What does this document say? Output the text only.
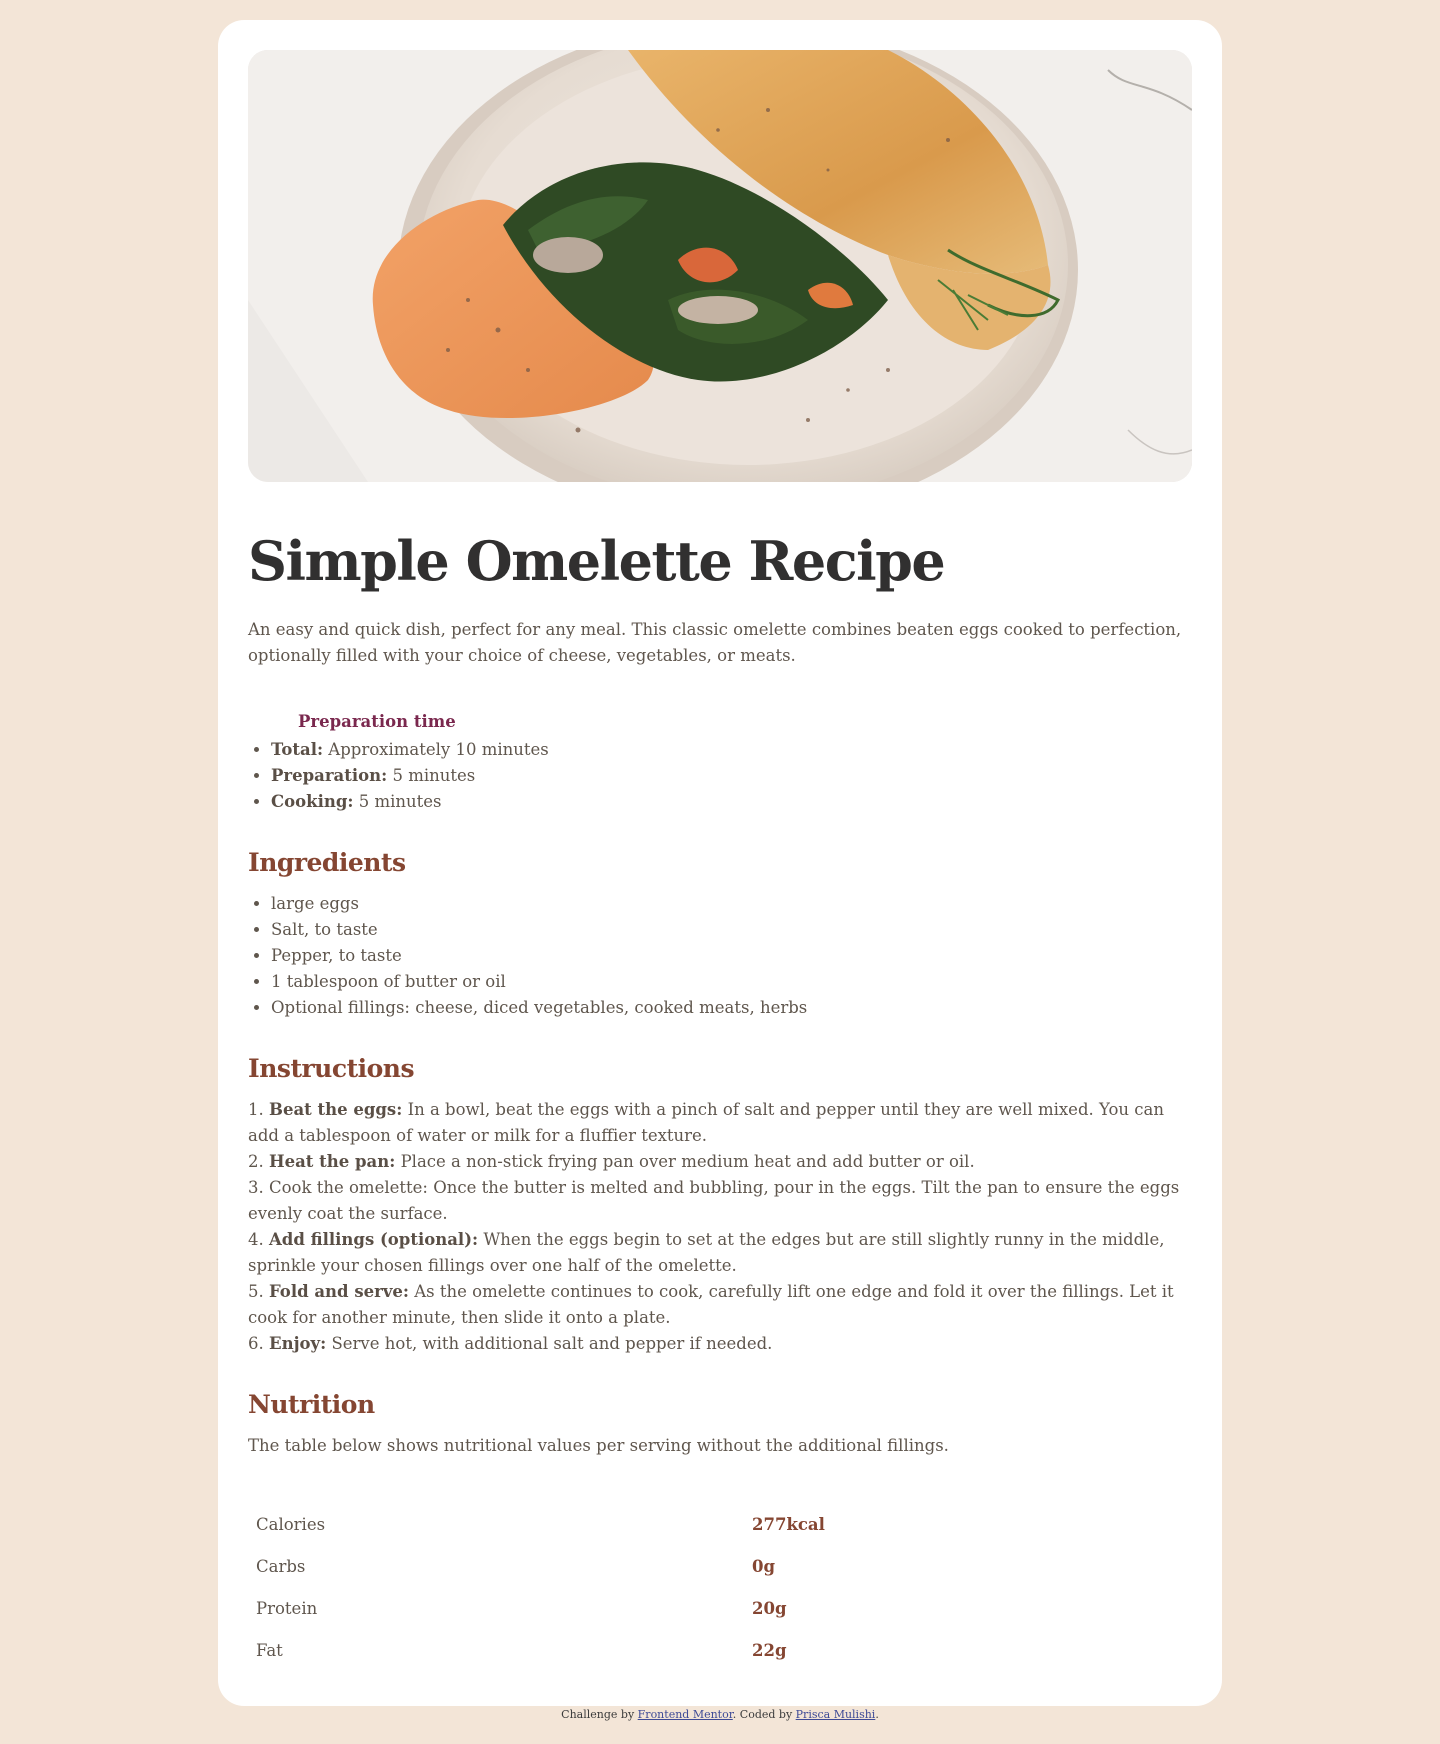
Simple Omelette Recipe

An easy and quick dish, perfect for any meal. This classic omelette combines beaten eggs cooked to perfection, optionally filled with your choice of cheese, vegetables, or meats.

Preparation time
• Total: Approximately 10 minutes
• Preparation: 5 minutes
• Cooking: 5 minutes
Ingredients
• large eggs
• Salt, to taste
• Pepper, to taste
• 1 tablespoon of butter or oil
• Optional fillings: cheese, diced vegetables, cooked meats, herbs
Instructions
1. Beat the eggs: In a bowl, beat the eggs with a pinch of salt and pepper until they are well mixed. You can add a tablespoon of water or milk for a fluffier texture.
2. Heat the pan: Place a non-stick frying pan over medium heat and add butter or oil.
3. Cook the omelette: Once the butter is melted and bubbling, pour in the eggs. Tilt the pan to ensure the eggs evenly coat the surface.
4. Add fillings (optional): When the eggs begin to set at the edges but are still slightly runny in the middle, sprinkle your chosen fillings over one half of the omelette.
5. Fold and serve: As the omelette continues to cook, carefully lift one edge and fold it over the fillings. Let it cook for another minute, then slide it onto a plate.
6. Enjoy: Serve hot, with additional salt and pepper if needed.
Nutrition

The table below shows nutritional values per serving without the additional fillings.

Calories	277kcal
Carbs	0g
Protein	20g
Fat	22g
Challenge by Frontend Mentor. Coded by Prisca Mulishi.
